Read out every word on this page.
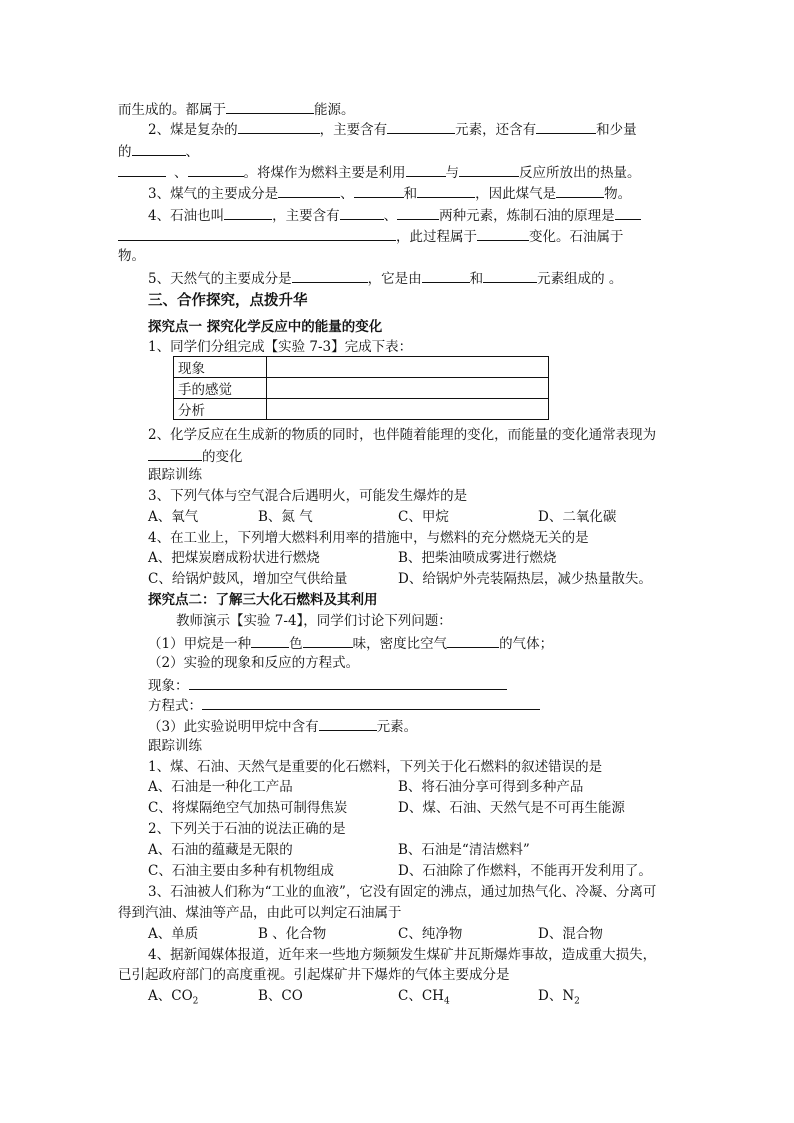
而生成的。都属于	能源。
2、煤是复杂的	，主要含有	元素，还含有	和少量
的	、
、	。将煤作为燃料主要是利用	与	反应所放出的热量。
3、煤气的主要成分是	、	和	，因此煤气是	物。
4、石油也叫	，主要含有	、	两种元素，炼制石油的原理是
，此过程属于	变化。石油属于
物。
5、天然气的主要成分是	，它是由	和	元素组成的 。
三、合作探究，点拨升华
探究点一 探究化学反应中的能量的变化
1、同学们分组完成【实验 7-3】完成下表：
现象	
手的感觉	
分析	
2、化学反应在生成新的物质的同时，也伴随着能理的变化，而能量的变化通常表现为
的变化
跟踪训练
3、下列气体与空气混合后遇明火，可能发生爆炸的是
A、氧气	B、氮 气	C、甲烷	D、二氧化碳
4、在工业上，下列增大燃料利用率的措施中，与燃料的充分燃烧无关的是
A、把煤炭磨成粉状进行燃烧	B、把柴油喷成雾进行燃烧
C、给锅炉鼓风，增加空气供给量	D、给锅炉外壳装隔热层，减少热量散失。
探究点二：了解三大化石燃料及其利用
教师演示【实验 7-4】，同学们讨论下列问题：
（1）甲烷是一种	色	味，密度比空气	的气体；
（2）实验的现象和反应的方程式。
现象：
方程式：
（3）此实验说明甲烷中含有	元素。
跟踪训练
1、煤、石油、天然气是重要的化石燃料，下列关于化石燃料的叙述错误的是
A、石油是一种化工产品	B、将石油分享可得到多种产品
C、将煤隔绝空气加热可制得焦炭	D、煤、石油、天然气是不可再生能源
2、下列关于石油的说法正确的是
A、石油的蕴藏是无限的	B、石油是“清洁燃料”
C、石油主要由多种有机物组成	D、石油除了作燃料，不能再开发利用了。
3、石油被人们称为“工业的血液”，它没有固定的沸点，通过加热气化、冷凝、分离可
得到汽油、煤油等产品，由此可以判定石油属于
A、单质	B 、化合物	C、纯净物	D、混合物
4、据新闻媒体报道，近年来一些地方频频发生煤矿井瓦斯爆炸事故，造成重大损失，
已引起政府部门的高度重视。引起煤矿井下爆炸的气体主要成分是
A、$CO_2$	B、CO	C、$CH_4$	D、$N_2$
